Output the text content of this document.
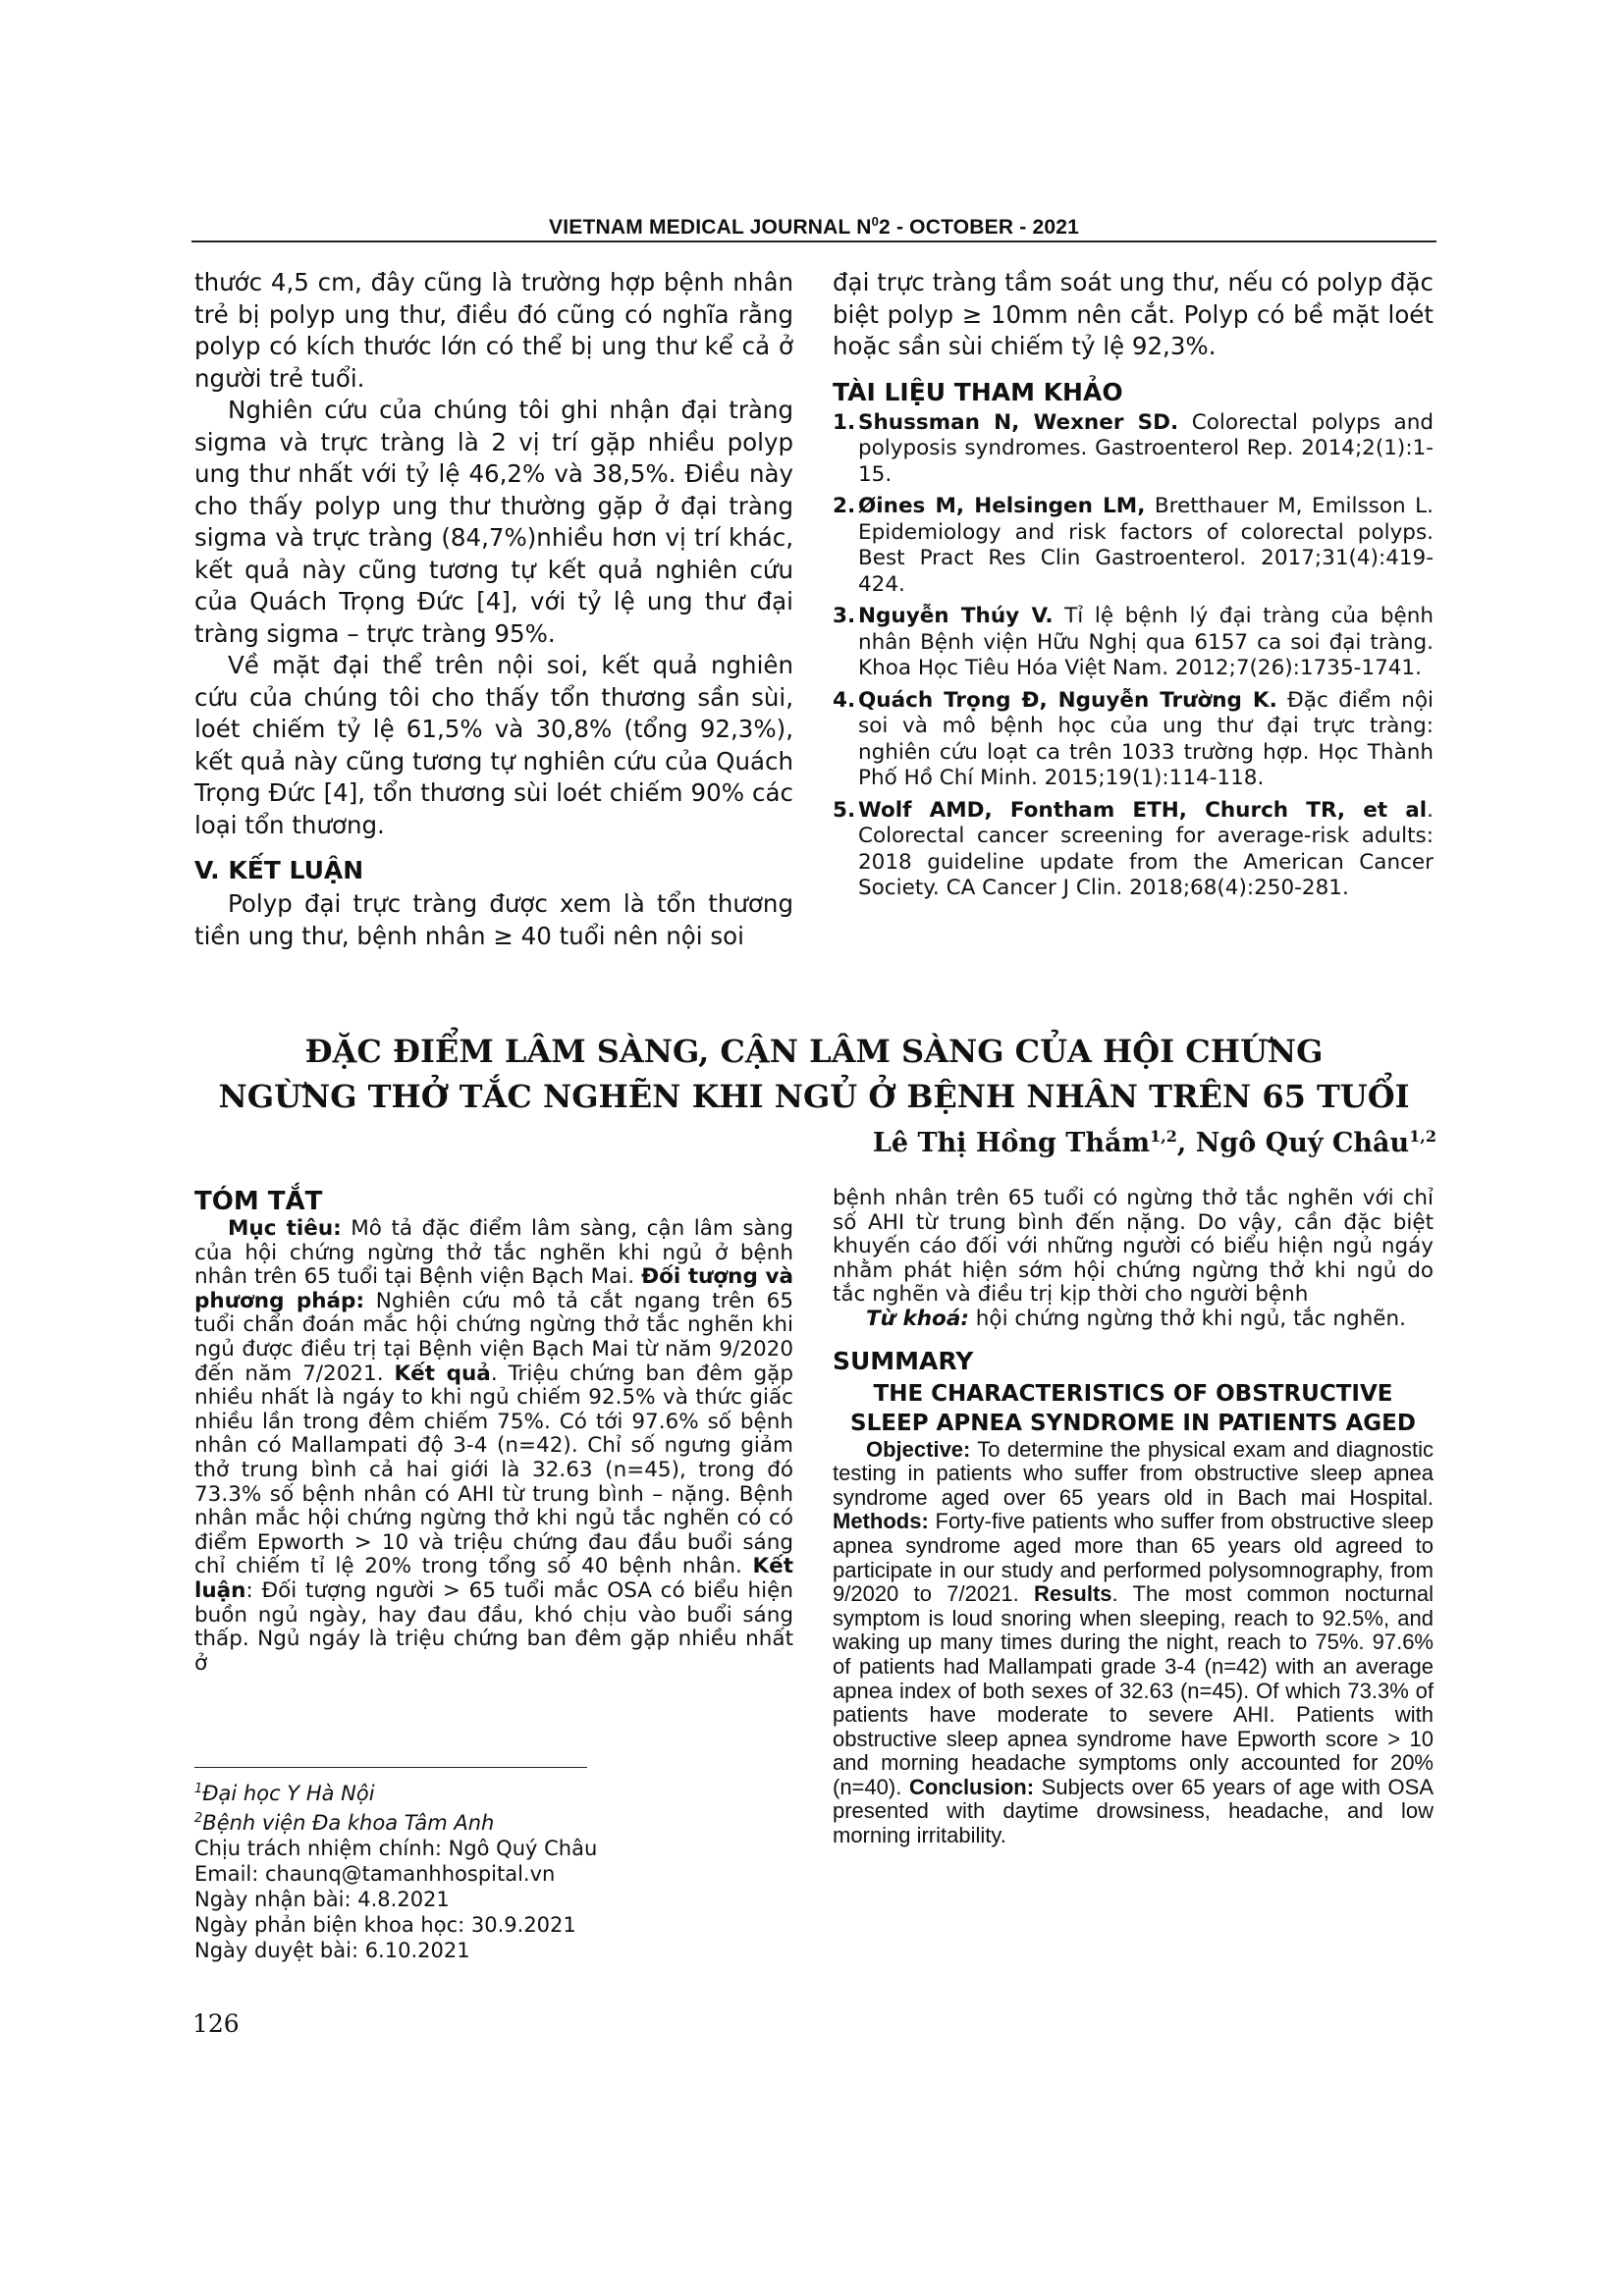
VIETNAM MEDICAL JOURNAL $N^02$ - OCTOBER - 2021

thước 4,5 cm, đây cũng là trường hợp bệnh nhân trẻ bị polyp ung thư, điều đó cũng có nghĩa rằng polyp có kích thước lớn có thể bị ung thư kể cả ở người trẻ tuổi.

Nghiên cứu của chúng tôi ghi nhận đại tràng sigma và trực tràng là 2 vị trí gặp nhiều polyp ung thư nhất với tỷ lệ 46,2% và 38,5%. Điều này cho thấy polyp ung thư thường gặp ở đại tràng sigma và trực tràng (84,7%)nhiều hơn vị trí khác, kết quả này cũng tương tự kết quả nghiên cứu của Quách Trọng Đức [4], với tỷ lệ ung thư đại tràng sigma – trực tràng 95%.

Về mặt đại thể trên nội soi, kết quả nghiên cứu của chúng tôi cho thấy tổn thương sần sùi, loét chiếm tỷ lệ 61,5% và 30,8% (tổng 92,3%), kết quả này cũng tương tự nghiên cứu của Quách Trọng Đức [4], tổn thương sùi loét chiếm 90% các loại tổn thương.

V. KẾT LUẬN

Polyp đại trực tràng được xem là tổn thương tiền ung thư, bệnh nhân ≥ 40 tuổi nên nội soi

đại trực tràng tầm soát ung thư, nếu có polyp đặc biệt polyp ≥ 10mm nên cắt. Polyp có bề mặt loét hoặc sần sùi chiếm tỷ lệ 92,3%.

TÀI LIỆU THAM KHẢO
1. Shussman N, Wexner SD. Colorectal polyps and polyposis syndromes. Gastroenterol Rep. 2014;2(1):1-15.
2. Øines M, Helsingen LM, Bretthauer M, Emilsson L. Epidemiology and risk factors of colorectal polyps. Best Pract Res Clin Gastroenterol. 2017;31(4):419-424.
3. Nguyễn Thúy V. Tỉ lệ bệnh lý đại tràng của bệnh nhân Bệnh viện Hữu Nghị qua 6157 ca soi đại tràng. Khoa Học Tiêu Hóa Việt Nam. 2012;7(26):1735-1741.
4. Quách Trọng Đ, Nguyễn Trường K. Đặc điểm nội soi và mô bệnh học của ung thư đại trực tràng: nghiên cứu loạt ca trên 1033 trường hợp. Học Thành Phố Hồ Chí Minh. 2015;19(1):114-118.
5. Wolf AMD, Fontham ETH, Church TR, et al. Colorectal cancer screening for average-risk adults: 2018 guideline update from the American Cancer Society. CA Cancer J Clin. 2018;68(4):250-281.
ĐẶC ĐIỂM LÂM SÀNG, CẬN LÂM SÀNG CỦA HỘI CHỨNG
NGỪNG THỞ TẮC NGHẼN KHI NGỦ Ở BỆNH NHÂN TRÊN 65 TUỔI
Lê Thị Hồng Thắm$^{1,2}$, Ngô Quý Châu$^{1,2}$
TÓM TẮT

Mục tiêu: Mô tả đặc điểm lâm sàng, cận lâm sàng của hội chứng ngừng thở tắc nghẽn khi ngủ ở bệnh nhân trên 65 tuổi tại Bệnh viện Bạch Mai. Đối tượng và phương pháp: Nghiên cứu mô tả cắt ngang trên 65 tuổi chẩn đoán mắc hội chứng ngừng thở tắc nghẽn khi ngủ được điều trị tại Bệnh viện Bạch Mai từ năm 9/2020 đến năm 7/2021. Kết quả. Triệu chứng ban đêm gặp nhiều nhất là ngáy to khi ngủ chiếm 92.5% và thức giấc nhiều lần trong đêm chiếm 75%. Có tới 97.6% số bệnh nhân có Mallampati độ 3-4 (n=42). Chỉ số ngưng giảm thở trung bình cả hai giới là 32.63 (n=45), trong đó 73.3% số bệnh nhân có AHI từ trung bình – nặng. Bệnh nhân mắc hội chứng ngừng thở khi ngủ tắc nghẽn có có điểm Epworth > 10 và triệu chứng đau đầu buổi sáng chỉ chiếm tỉ lệ 20% trong tổng số 40 bệnh nhân. Kết luận: Đối tượng người > 65 tuổi mắc OSA có biểu hiện buồn ngủ ngày, hay đau đầu, khó chịu vào buổi sáng thấp. Ngủ ngáy là triệu chứng ban đêm gặp nhiều nhất ở

bệnh nhân trên 65 tuổi có ngừng thở tắc nghẽn với chỉ số AHI từ trung bình đến nặng. Do vậy, cần đặc biệt khuyến cáo đối với những người có biểu hiện ngủ ngáy nhằm phát hiện sớm hội chứng ngừng thở khi ngủ do tắc nghẽn và điều trị kịp thời cho người bệnh

Từ khoá: hội chứng ngừng thở khi ngủ, tắc nghẽn.

SUMMARY
THE CHARACTERISTICS OF OBSTRUCTIVE
SLEEP APNEA SYNDROME IN PATIENTS AGED

Objective: To determine the physical exam and diagnostic testing in patients who suffer from obstructive sleep apnea syndrome aged over 65 years old in Bach mai Hospital. Methods: Forty-five patients who suffer from obstructive sleep apnea syndrome aged more than 65 years old agreed to participate in our study and performed polysomnography, from 9/2020 to 7/2021. Results. The most common nocturnal symptom is loud snoring when sleeping, reach to 92.5%, and waking up many times during the night, reach to 75%. 97.6% of patients had Mallampati grade 3-4 (n=42) with an average apnea index of both sexes of 32.63 (n=45). Of which 73.3% of patients have moderate to severe AHI. Patients with obstructive sleep apnea syndrome have Epworth score > 10 and morning headache symptoms only accounted for 20% (n=40). Conclusion: Subjects over 65 years of age with OSA presented with daytime drowsiness, headache, and low morning irritability.

$^1$Đại học Y Hà Nội
$^2$Bệnh viện Đa khoa Tâm Anh
Chịu trách nhiệm chính: Ngô Quý Châu
Email: chaunq@tamanhhospital.vn
Ngày nhận bài: 4.8.2021
Ngày phản biện khoa học: 30.9.2021
Ngày duyệt bài: 6.10.2021
126
